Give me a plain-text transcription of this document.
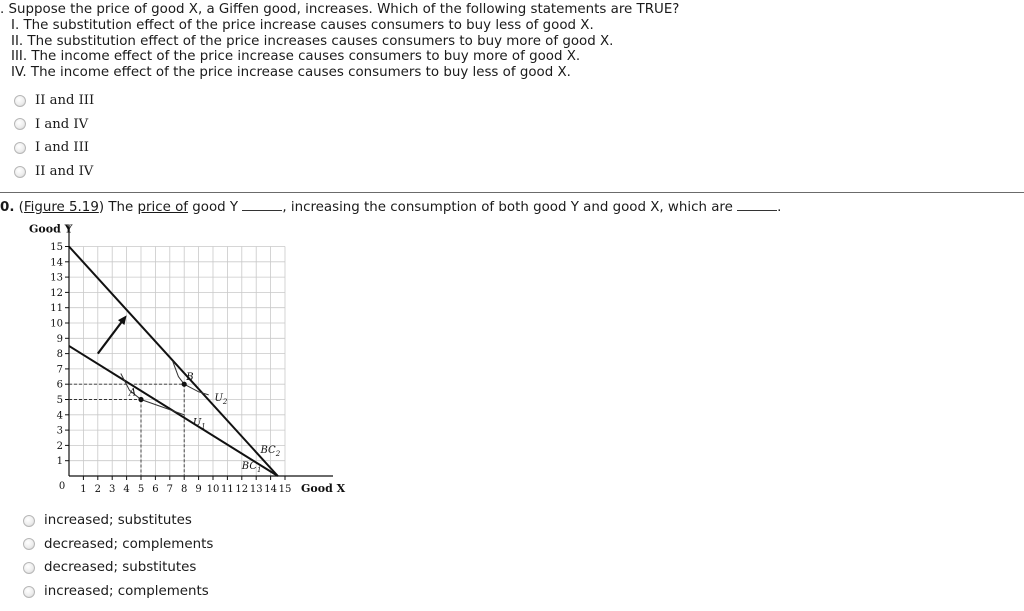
. Suppose the price of good X, a Giffen good, increases. Which of the following statements are TRUE?
I. The substitution effect of the price increase causes consumers to buy less of good X.
II. The substitution effect of the price increases causes consumers to buy more of good X.
III. The income effect of the price increase causes consumers to buy more of good X.
IV. The income effect of the price increase causes consumers to buy less of good X.
II and III
I and IV
I and III
II and IV
0. (Figure 5.19) The price of good Y	, increasing the consumption of both good Y and good X, which are	.
1
2
3
4
5
6
7
8
9
10
11
12
13
14
15
1 2 3 4 5 6 7 8 9 10 11 12 13 14 15
0
Good Y
Good X
A
B
$BC_1$
$BC_2$
$U_1$
$U_2$
increased; substitutes
decreased; complements
decreased; substitutes
increased; complements
